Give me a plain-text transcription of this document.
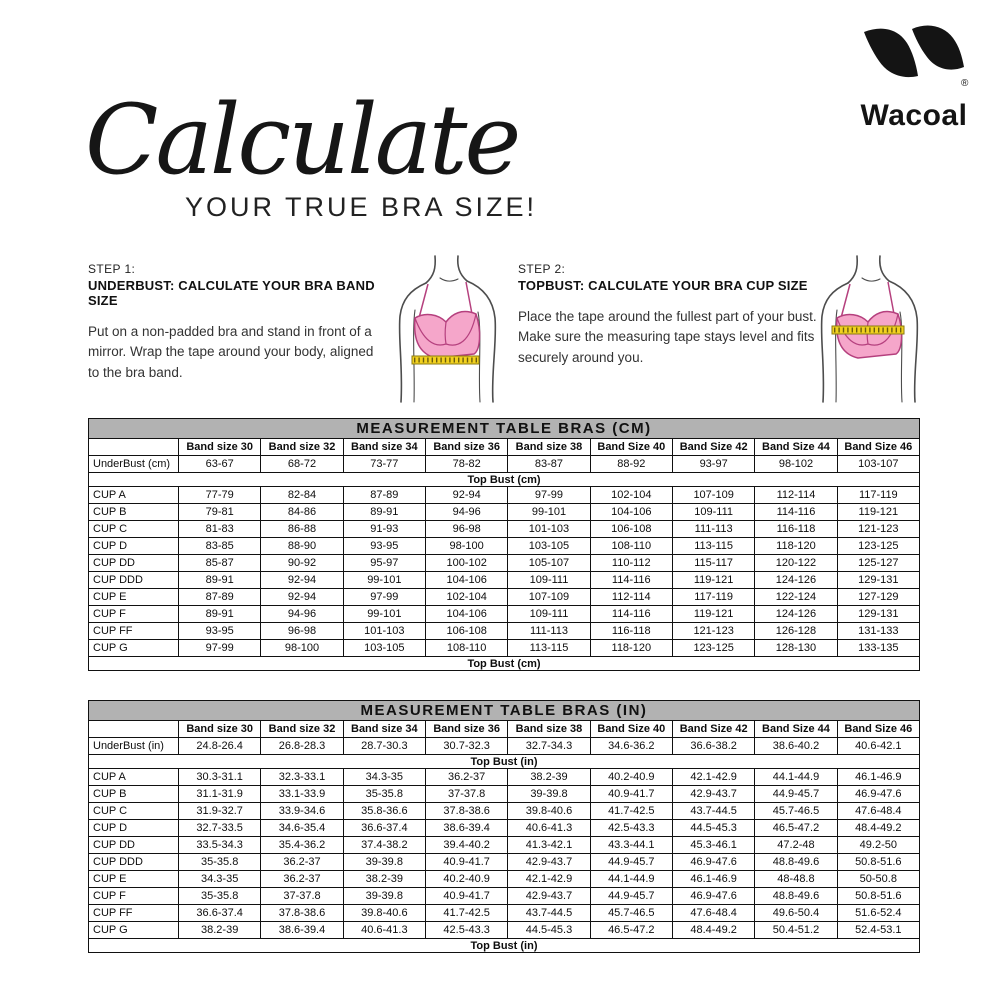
®
Wacoal
Calculate
YOUR TRUE BRA SIZE!

STEP 1:

UNDERBUST: CALCULATE YOUR BRA BAND SIZE

Put on a non-padded bra and stand in front of a mirror. Wrap the tape around your body, aligned to the bra band.

STEP 2:

TOPBUST: CALCULATE YOUR BRA CUP SIZE

Place the tape around the fullest part of your bust. Make sure the measuring tape stays level and fits securely around you.

MEASUREMENT TABLE BRAS (CM)									
	Band size 30	Band size 32	Band size 34	Band size 36	Band size 38	Band Size 40	Band Size 42	Band Size 44	Band Size 46
UnderBust (cm)	63-67	68-72	73-77	78-82	83-87	88-92	93-97	98-102	103-107
Top Bust (cm)									
CUP A	77-79	82-84	87-89	92-94	97-99	102-104	107-109	112-114	117-119
CUP B	79-81	84-86	89-91	94-96	99-101	104-106	109-111	114-116	119-121
CUP C	81-83	86-88	91-93	96-98	101-103	106-108	111-113	116-118	121-123
CUP D	83-85	88-90	93-95	98-100	103-105	108-110	113-115	118-120	123-125
CUP DD	85-87	90-92	95-97	100-102	105-107	110-112	115-117	120-122	125-127
CUP DDD	89-91	92-94	99-101	104-106	109-111	114-116	119-121	124-126	129-131
CUP E	87-89	92-94	97-99	102-104	107-109	112-114	117-119	122-124	127-129
CUP F	89-91	94-96	99-101	104-106	109-111	114-116	119-121	124-126	129-131
CUP FF	93-95	96-98	101-103	106-108	111-113	116-118	121-123	126-128	131-133
CUP G	97-99	98-100	103-105	108-110	113-115	118-120	123-125	128-130	133-135
Top Bust (cm)									
MEASUREMENT TABLE BRAS (IN)									
	Band size 30	Band size 32	Band size 34	Band size 36	Band size 38	Band Size 40	Band Size 42	Band Size 44	Band Size 46
UnderBust (in)	24.8-26.4	26.8-28.3	28.7-30.3	30.7-32.3	32.7-34.3	34.6-36.2	36.6-38.2	38.6-40.2	40.6-42.1
Top Bust (in)									
CUP A	30.3-31.1	32.3-33.1	34.3-35	36.2-37	38.2-39	40.2-40.9	42.1-42.9	44.1-44.9	46.1-46.9
CUP B	31.1-31.9	33.1-33.9	35-35.8	37-37.8	39-39.8	40.9-41.7	42.9-43.7	44.9-45.7	46.9-47.6
CUP C	31.9-32.7	33.9-34.6	35.8-36.6	37.8-38.6	39.8-40.6	41.7-42.5	43.7-44.5	45.7-46.5	47.6-48.4
CUP D	32.7-33.5	34.6-35.4	36.6-37.4	38.6-39.4	40.6-41.3	42.5-43.3	44.5-45.3	46.5-47.2	48.4-49.2
CUP DD	33.5-34.3	35.4-36.2	37.4-38.2	39.4-40.2	41.3-42.1	43.3-44.1	45.3-46.1	47.2-48	49.2-50
CUP DDD	35-35.8	36.2-37	39-39.8	40.9-41.7	42.9-43.7	44.9-45.7	46.9-47.6	48.8-49.6	50.8-51.6
CUP E	34.3-35	36.2-37	38.2-39	40.2-40.9	42.1-42.9	44.1-44.9	46.1-46.9	48-48.8	50-50.8
CUP F	35-35.8	37-37.8	39-39.8	40.9-41.7	42.9-43.7	44.9-45.7	46.9-47.6	48.8-49.6	50.8-51.6
CUP FF	36.6-37.4	37.8-38.6	39.8-40.6	41.7-42.5	43.7-44.5	45.7-46.5	47.6-48.4	49.6-50.4	51.6-52.4
CUP G	38.2-39	38.6-39.4	40.6-41.3	42.5-43.3	44.5-45.3	46.5-47.2	48.4-49.2	50.4-51.2	52.4-53.1
Top Bust (in)									
